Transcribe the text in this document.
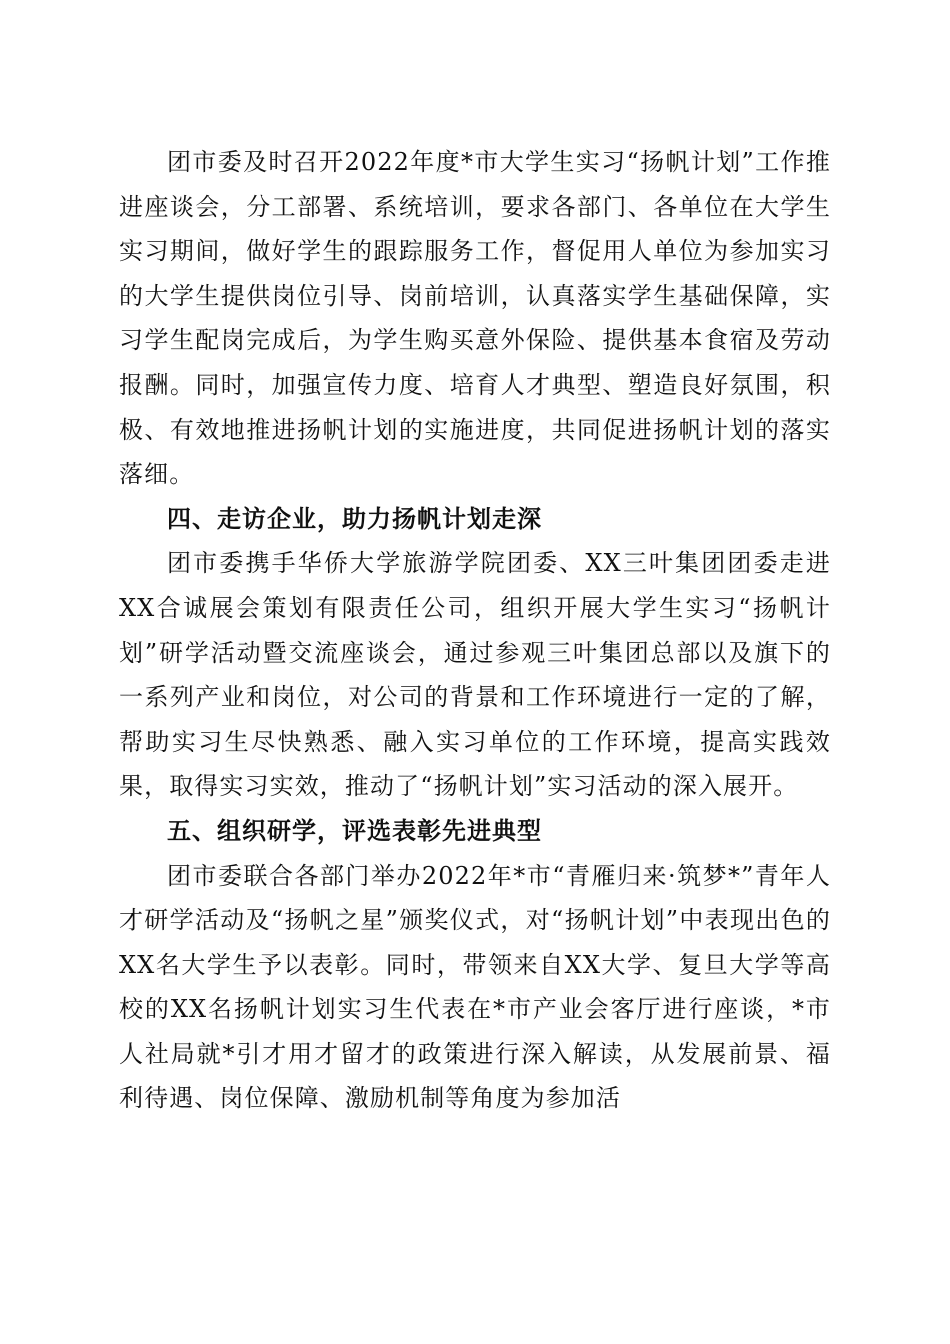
团市委及时召开2022年度*市大学生实习“扬帆计划”工作推进座谈会，分工部署、系统培训，要求各部门、各单位在大学生实习期间，做好学生的跟踪服务工作，督促用人单位为参加实习的大学生提供岗位引导、岗前培训，认真落实学生基础保障，实习学生配岗完成后，为学生购买意外保险、提供基本食宿及劳动报酬。同时，加强宣传力度、培育人才典型、塑造良好氛围，积极、有效地推进扬帆计划的实施进度，共同促进扬帆计划的落实落细。

四、走访企业，助力扬帆计划走深

团市委携手华侨大学旅游学院团委、XX三叶集团团委走进XX合诚展会策划有限责任公司，组织开展大学生实习“扬帆计划”研学活动暨交流座谈会，通过参观三叶集团总部以及旗下的一系列产业和岗位，对公司的背景和工作环境进行一定的了解，帮助实习生尽快熟悉、融入实习单位的工作环境，提高实践效果，取得实习实效，推动了“扬帆计划”实习活动的深入展开。

五、组织研学，评选表彰先进典型

团市委联合各部门举办2022年*市“青雁归来·筑梦*”青年人才研学活动及“扬帆之星”颁奖仪式，对“扬帆计划”中表现出色的XX名大学生予以表彰。同时，带领来自XX大学、复旦大学等高校的XX名扬帆计划实习生代表在*市产业会客厅进行座谈，*市人社局就*引才用才留才的政策进行深入解读，从发展前景、福利待遇、岗位保障、激励机制等角度为参加活
